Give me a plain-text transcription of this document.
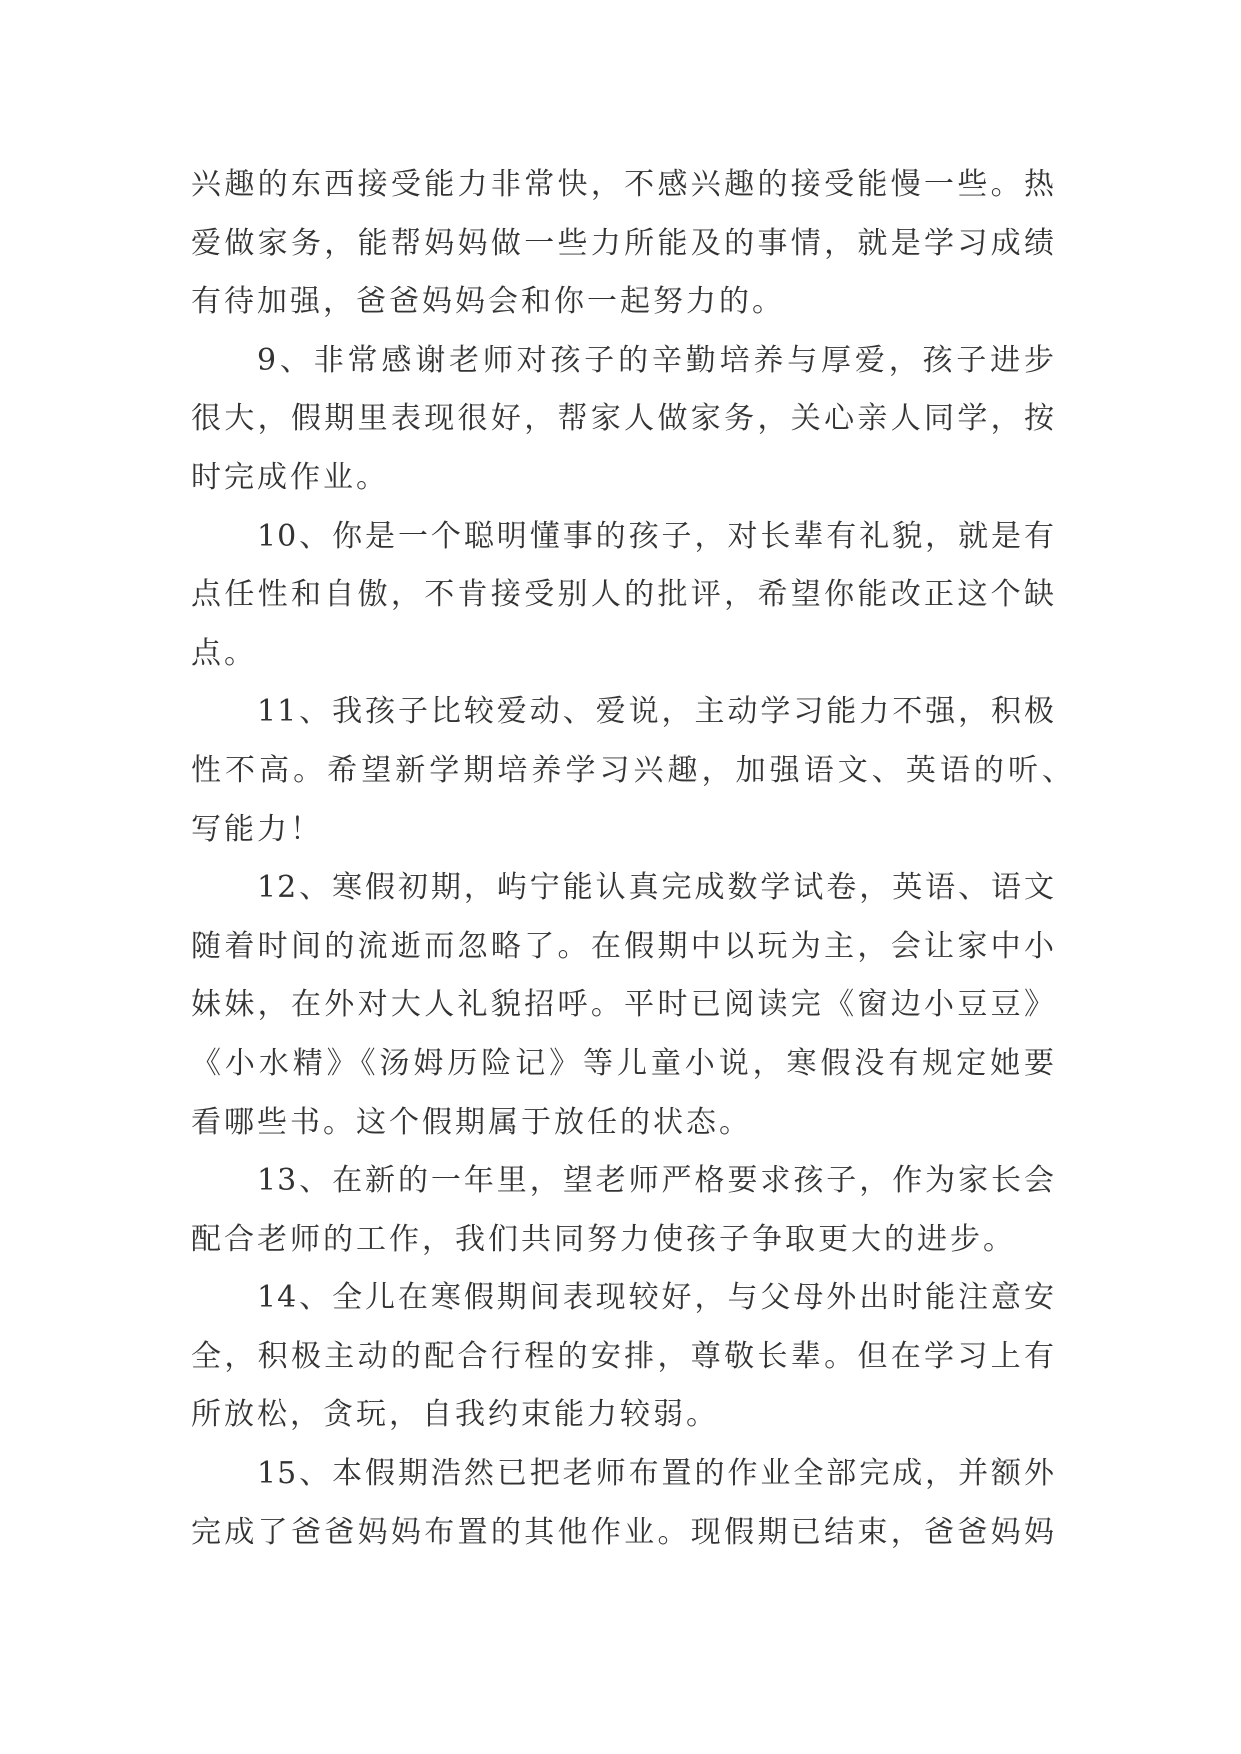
兴趣的东西接受能力非常快，不感兴趣的接受能慢一些。热
爱做家务，能帮妈妈做一些力所能及的事情，就是学习成绩
有待加强，爸爸妈妈会和你一起努力的。
9、非常感谢老师对孩子的辛勤培养与厚爱，孩子进步
很大，假期里表现很好，帮家人做家务，关心亲人同学，按
时完成作业。
10、你是一个聪明懂事的孩子，对长辈有礼貌，就是有
点任性和自傲，不肯接受别人的批评，希望你能改正这个缺
点。
11、我孩子比较爱动、爱说，主动学习能力不强，积极
性不高。希望新学期培养学习兴趣，加强语文、英语的听、
写能力！
12、寒假初期，屿宁能认真完成数学试卷，英语、语文
随着时间的流逝而忽略了。在假期中以玩为主，会让家中小
妹妹，在外对大人礼貌招呼。平时已阅读完《窗边小豆豆》
《小水精》《汤姆历险记》等儿童小说，寒假没有规定她要
看哪些书。这个假期属于放任的状态。
13、在新的一年里，望老师严格要求孩子，作为家长会
配合老师的工作，我们共同努力使孩子争取更大的进步。
14、全儿在寒假期间表现较好，与父母外出时能注意安
全，积极主动的配合行程的安排，尊敬长辈。但在学习上有
所放松，贪玩，自我约束能力较弱。
15、本假期浩然已把老师布置的作业全部完成，并额外
完成了爸爸妈妈布置的其他作业。现假期已结束，爸爸妈妈
